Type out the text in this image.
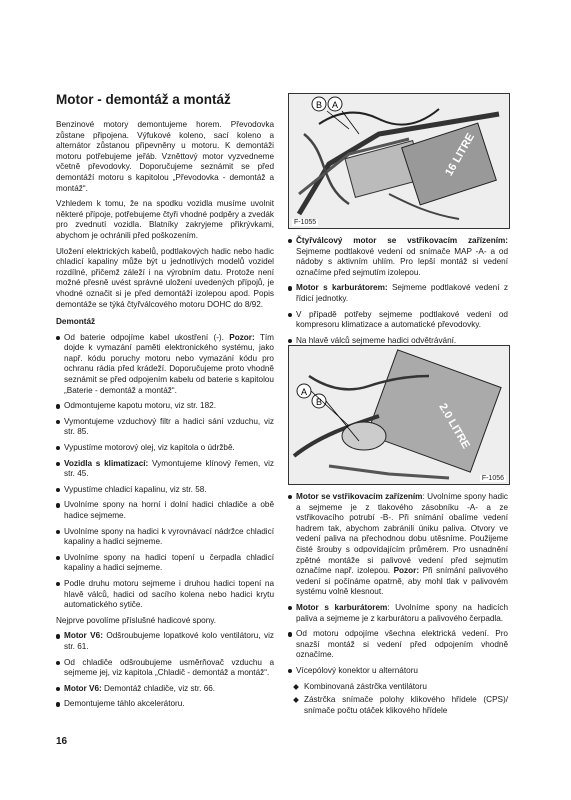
Motor - demontáž a montáž

Benzinové motory demontujeme horem. Převodovka zůstane připojena. Výfukové koleno, sací koleno a alternátor zůstanou připevněny u motoru. K demontáži motoru potřebujeme jeřáb. Vzněttový motor vyzvedneme včetně převodovky. Doporučujeme seznámit se před demontáží motoru s kapitolou „Převodovka - demontáž a montáž“.

Vzhledem k tomu, že na spodku vozidla musíme uvolnit některé přípoje, potřebujeme čtyři vhodné podpěry a zvedák pro zvednutí vozidla. Blatníky zakryjeme přikrývkami, abychom je ochránili před poškozením.

Uložení elektrických kabelů, podtlakových hadic nebo hadic chladicí kapaliny může být u jednotlivých modelů vozidel rozdílné, přičemž záleží i na výrobním datu. Protože není možné přesně uvést správné uložení uvedených přípojů, je vhodné označit si je před demontáží izolepou apod. Popis demontáže se týká čtyřválcového motoru DOHC do 8/92.

Demontáž
Od baterie odpojíme kabel ukostření (-). Pozor: Tím dojde k vymazání paměti elektronického systému, jako např. kódu poruchy motoru nebo vymazání kódu pro ochranu rádia před krádeží. Doporučujeme proto vhodně seznámit se před odpojením kabelu od baterie s kapitolou „Baterie - demontáž a montáž“.
Odmontujeme kapotu motoru, viz str. 182.
Vymontujeme vzduchový filtr a hadici sání vzduchu, viz str. 85.
Vypustíme motorový olej, viz kapitola o údržbě.
Vozidla s klimatizací: Vymontujeme klínový řemen, viz str. 45.
Vypustíme chladicí kapalinu, viz str. 58.
Uvolníme spony na horní i dolní hadici chladiče a obě hadice sejmeme.
Uvolníme spony na hadici k vyrovnávací nádržce chladicí kapaliny a hadici sejmeme.
Uvolníme spony na hadici topení u čerpadla chladicí kapaliny a hadici sejmeme.
Podle druhu motoru sejmeme i druhou hadici topení na hlavě válců, hadici od sacího kolena nebo hadici krytu automatického sytiče.

Nejprve povolíme příslušné hadicové spony.

Motor V6: Odšroubujeme lopatkové kolo ventilátoru, viz str. 61.
Od chladiče odšroubujeme usměrňovač vzduchu a sejmeme jej, viz kapitola „Chladič - demontáž a montáž“.
Motor V6: Demontáž chladiče, viz str. 66.
Demontujeme táhlo akcelerátoru.
16 LITRE
B A
F-1055
Čtyřválcový motor se vstřikovacím zařízením: Sejmeme podtlakové vedení od snímače MAP -A- a od nádoby s aktivním uhlím. Pro lepší montáž si vedení označíme před sejmutím izolepou.
Motor s karburátorem: Sejmeme podtlakové vedení z řídicí jednotky.
V případě potřeby sejmeme podtlakové vedení od kompresoru klimatizace a automatické převodovky.
Na hlavě válců sejmeme hadici odvětrávání.
2.0 LITRE
A
B
F-1056
Motor se vstřikovacím zařízením: Uvolníme spony hadic a sejmeme je z tlakového zásobníku -A- a ze vstřikovacího potrubí -B-. Při snímání obalíme vedení hadrem tak, abychom zabránili úniku paliva. Otvory ve vedení paliva na přechodnou dobu utěsníme. Použijeme čisté šrouby s odpovídajícím průměrem. Pro usnadnění zpětné montáže si palivové vedení před sejmutím označíme např. izolepou. Pozor: Při snímání palivového vedení si počínáme opatrně, aby mohl tlak v palivovém systému volně klesnout.
Motor s karburátorem: Uvolníme spony na hadicích paliva a sejmeme je z karburátoru a palivového čerpadla.
Od motoru odpojíme všechna elektrická vedení. Pro snazší montáž si vedení před odpojením vhodně označíme.
Vícepólový konektor u alternátoru
Kombinovaná zástrčka ventilátoru
Zástrčka snímače polohy klikového hřídele (CPS)/ snímače počtu otáček klikového hřídele
16
